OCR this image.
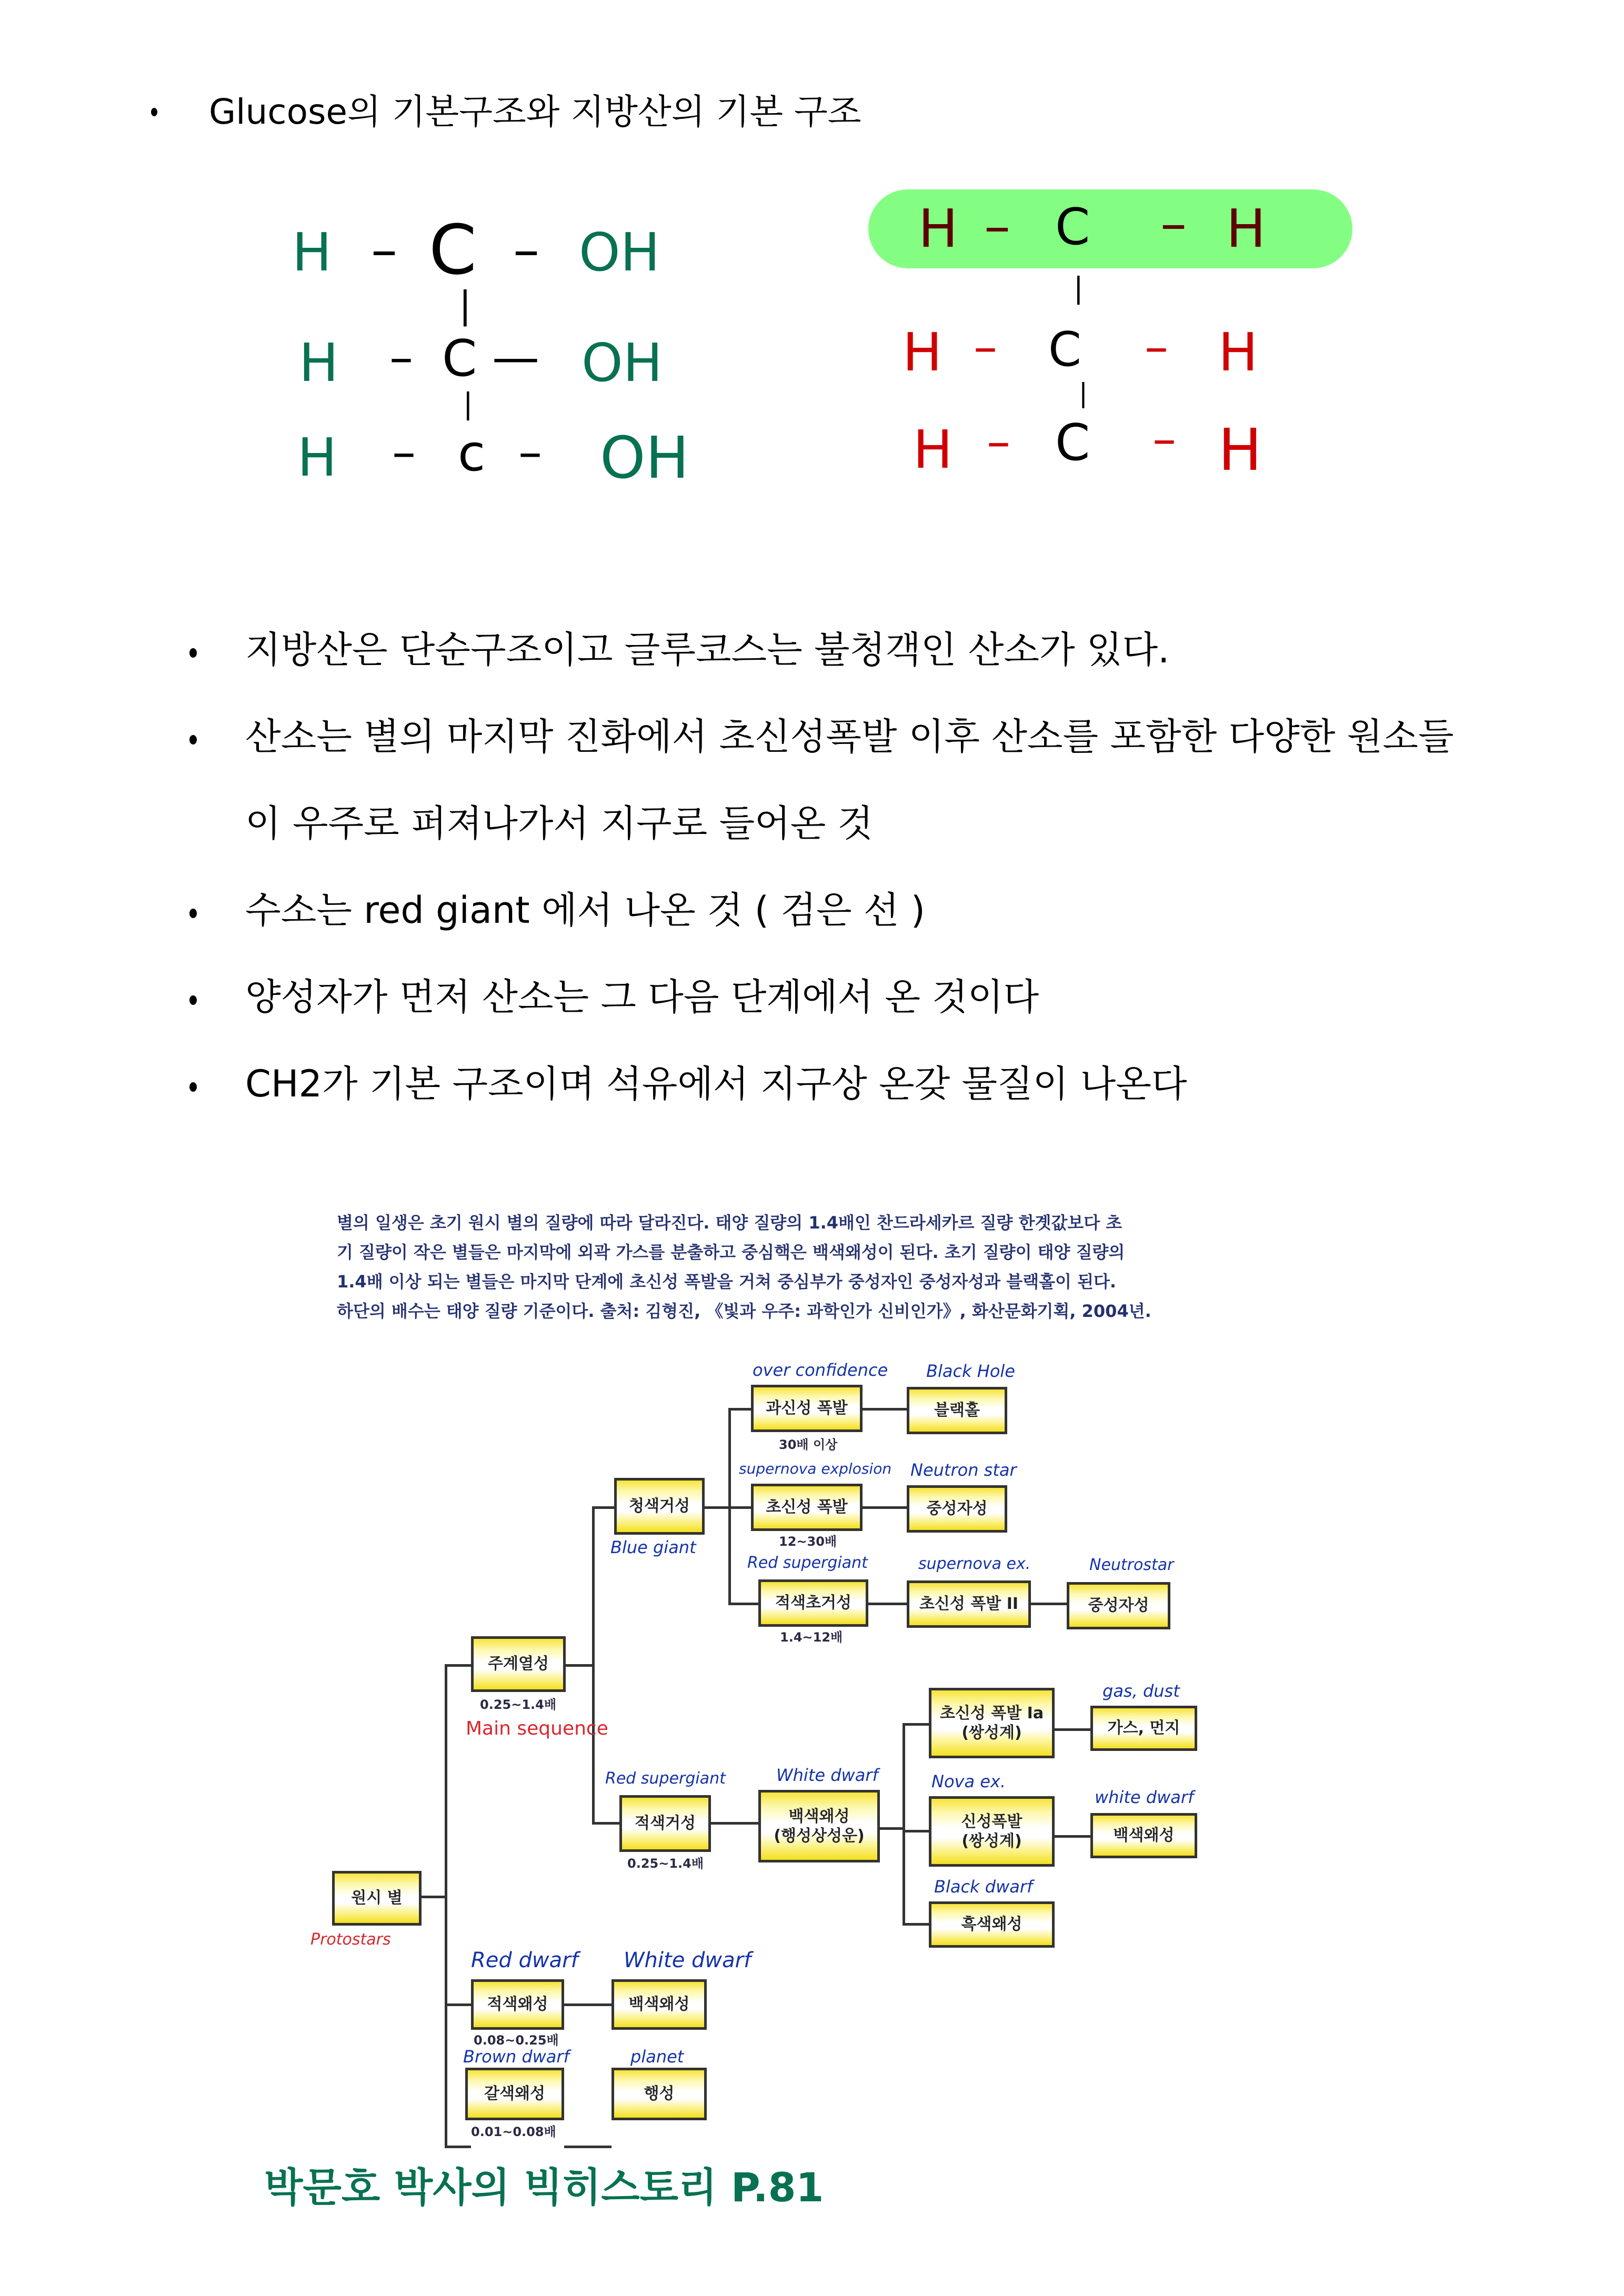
Glucose의 기본구조와 지방산의 기본 구조
H – C – OH
|
H – C — OH
|
H – c – OH
H – C – H
|
H – C – H
|
H – C – H
지방산은 단순구조이고 글루코스는 불청객인 산소가 있다.
산소는 별의 마지막 진화에서 초신성폭발 이후 산소를 포함한 다양한 원소들
이 우주로 퍼져나가서 지구로 들어온 것
수소는 red giant 에서 나온 것 ( 검은 선 )
양성자가 먼저 산소는 그 다음 단계에서 온 것이다
CH2가 기본 구조이며 석유에서 지구상 온갖 물질이 나온다
별의 일생은 초기 원시 별의 질량에 따라 달라진다. 태양 질량의 1.4배인 찬드라세카르 질량 한곗값보다 초
기 질량이 작은 별들은 마지막에 외곽 가스를 분출하고 중심핵은 백색왜성이 된다. 초기 질량이 태양 질량의
1.4배 이상 되는 별들은 마지막 단계에 초신성 폭발을 거쳐 중심부가 중성자인 중성자성과 블랙홀이 된다.
하단의 배수는 태양 질량 기준이다. 출처: 김형진, 《빛과 우주: 과학인가 신비인가》, 화산문화기획, 2004년.
원시 별
Protostars
주계열성
0.25~1.4배
Main sequence
청색거성
Blue giant
과신성 폭발
30배 이상
over confidence
블랙홀
Black Hole
초신성 폭발
12~30배
supernova explosion
중성자성
Neutron star
적색초거성
1.4~12배
Red supergiant
초신성 폭발 II
supernova ex.
중성자성
Neutrostar
적색거성
0.25~1.4배
Red supergiant
백색왜성
(행성상성운)
White dwarf
초신성 폭발 Ia
(쌍성계)	가스, 먼지
gas, dust
신성폭발
(쌍성계)
Nova ex.
백색왜성
white dwarf
흑색왜성
Black dwarf
적색왜성
0.08~0.25배
Red dwarf
백색왜성
White dwarf
갈색왜성
0.01~0.08배
Brown dwarf
행성
planet
박문호 박사의 빅히스토리 P.81
